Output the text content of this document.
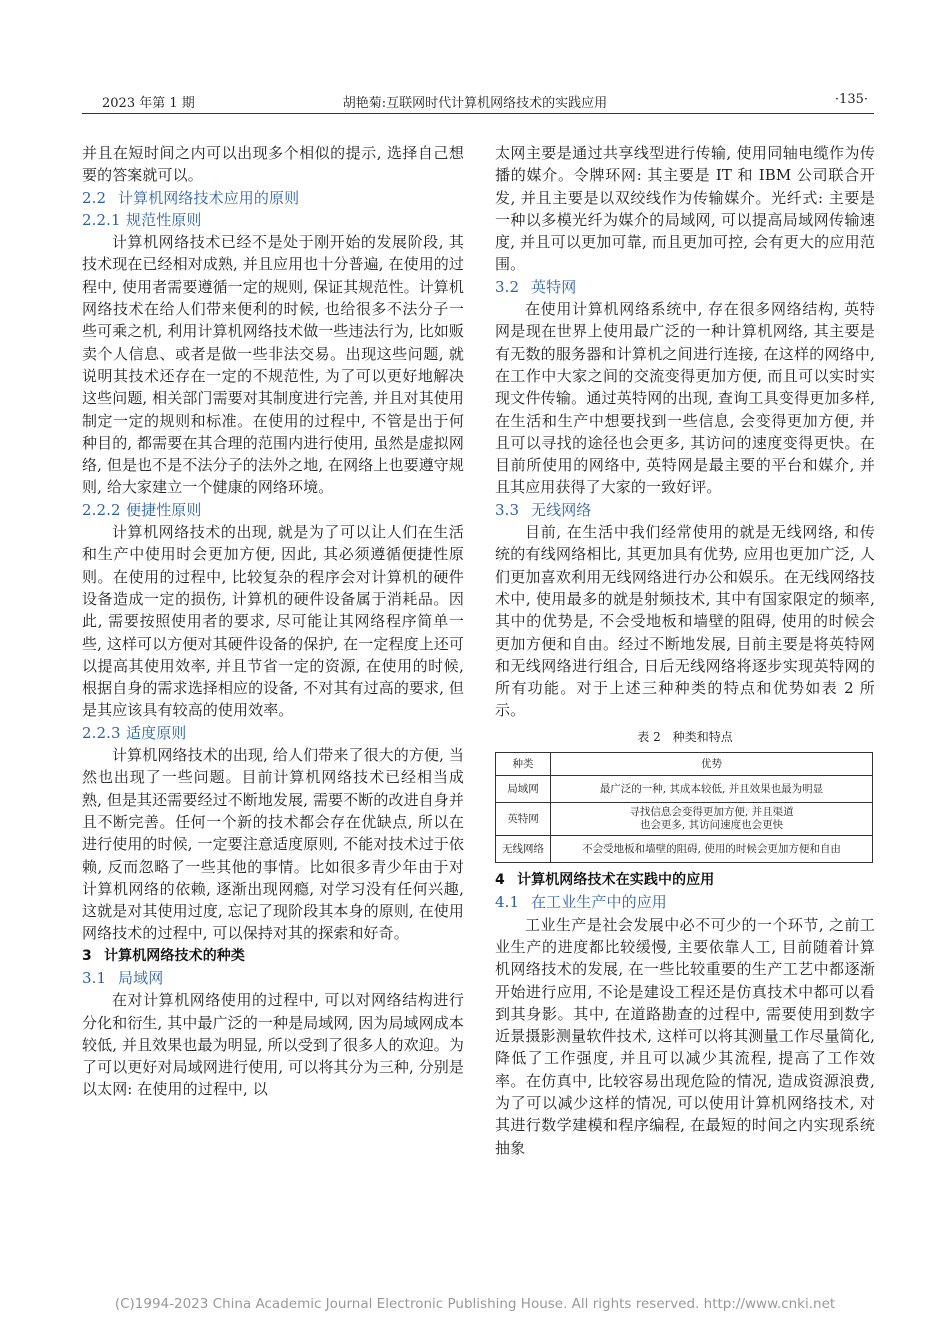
2023 年第 1 期	胡艳菊:互联网时代计算机网络技术的实践应用	·135·

并且在短时间之内可以出现多个相似的提示, 选择自己想要的答案就可以。

2.2 计算机网络技术应用的原则

2.2.1 规范性原则

计算机网络技术已经不是处于刚开始的发展阶段, 其技术现在已经相对成熟, 并且应用也十分普遍, 在使用的过程中, 使用者需要遵循一定的规则, 保证其规范性。计算机网络技术在给人们带来便利的时候, 也给很多不法分子一些可乘之机, 利用计算机网络技术做一些违法行为, 比如贩卖个人信息、或者是做一些非法交易。出现这些问题, 就说明其技术还存在一定的不规范性, 为了可以更好地解决这些问题, 相关部门需要对其制度进行完善, 并且对其使用制定一定的规则和标准。在使用的过程中, 不管是出于何种目的, 都需要在其合理的范围内进行使用, 虽然是虚拟网络, 但是也不是不法分子的法外之地, 在网络上也要遵守规则, 给大家建立一个健康的网络环境。

2.2.2 便捷性原则

计算机网络技术的出现, 就是为了可以让人们在生活和生产中使用时会更加方便, 因此, 其必须遵循便捷性原则。在使用的过程中, 比较复杂的程序会对计算机的硬件设备造成一定的损伤, 计算机的硬件设备属于消耗品。因此, 需要按照使用者的要求, 尽可能让其网络程序简单一些, 这样可以方便对其硬件设备的保护, 在一定程度上还可以提高其使用效率, 并且节省一定的资源, 在使用的时候, 根据自身的需求选择相应的设备, 不对其有过高的要求, 但是其应该具有较高的使用效率。

2.2.3 适度原则

计算机网络技术的出现, 给人们带来了很大的方便, 当然也出现了一些问题。目前计算机网络技术已经相当成熟, 但是其还需要经过不断地发展, 需要不断的改进自身并且不断完善。任何一个新的技术都会存在优缺点, 所以在进行使用的时候, 一定要注意适度原则, 不能对技术过于依赖, 反而忽略了一些其他的事情。比如很多青少年由于对计算机网络的依赖, 逐渐出现网瘾, 对学习没有任何兴趣, 这就是对其使用过度, 忘记了现阶段其本身的原则, 在使用网络技术的过程中, 可以保持对其的探索和好奇。

3 计算机网络技术的种类

3.1 局域网

在对计算机网络使用的过程中, 可以对网络结构进行分化和衍生, 其中最广泛的一种是局域网, 因为局域网成本较低, 并且效果也最为明显, 所以受到了很多人的欢迎。为了可以更好对局域网进行使用, 可以将其分为三种, 分别是以太网: 在使用的过程中, 以

太网主要是通过共享线型进行传输, 使用同轴电缆作为传播的媒介。令牌环网: 其主要是 IT 和 IBM 公司联合开发, 并且主要是以双绞线作为传输媒介。光纤式: 主要是一种以多模光纤为媒介的局域网, 可以提高局域网传输速度, 并且可以更加可靠, 而且更加可控, 会有更大的应用范围。

3.2 英特网

在使用计算机网络系统中, 存在很多网络结构, 英特网是现在世界上使用最广泛的一种计算机网络, 其主要是有无数的服务器和计算机之间进行连接, 在这样的网络中, 在工作中大家之间的交流变得更加方便, 而且可以实时实现文件传输。通过英特网的出现, 查询工具变得更加多样, 在生活和生产中想要找到一些信息, 会变得更加方便, 并且可以寻找的途径也会更多, 其访问的速度变得更快。在目前所使用的网络中, 英特网是最主要的平台和媒介, 并且其应用获得了大家的一致好评。

3.3 无线网络

目前, 在生活中我们经常使用的就是无线网络, 和传统的有线网络相比, 其更加具有优势, 应用也更加广泛, 人们更加喜欢利用无线网络进行办公和娱乐。在无线网络技术中, 使用最多的就是射频技术, 其中有国家限定的频率, 其中的优势是, 不会受地板和墙壁的阻碍, 使用的时候会更加方便和自由。经过不断地发展, 目前主要是将英特网和无线网络进行组合, 日后无线网络将逐步实现英特网的所有功能。对于上述三种种类的特点和优势如表 2 所示。

表 2　种类和特点
种类	优势
局域网	最广泛的一种, 其成本较低, 并且效果也最为明显
英特网	寻找信息会变得更加方便, 并且渠道
也会更多, 其访问速度也会更快
无线网络	不会受地板和墙壁的阻碍, 使用的时候会更加方便和自由

4 计算机网络技术在实践中的应用

4.1 在工业生产中的应用

工业生产是社会发展中必不可少的一个环节, 之前工业生产的进度都比较缓慢, 主要依靠人工, 目前随着计算机网络技术的发展, 在一些比较重要的生产工艺中都逐渐开始进行应用, 不论是建设工程还是仿真技术中都可以看到其身影。其中, 在道路勘查的过程中, 需要使用到数字近景摄影测量软件技术, 这样可以将其测量工作尽量简化, 降低了工作强度, 并且可以减少其流程, 提高了工作效率。在仿真中, 比较容易出现危险的情况, 造成资源浪费, 为了可以减少这样的情况, 可以使用计算机网络技术, 对其进行数学建模和程序编程, 在最短的时间之内实现系统抽象

(C)1994-2023 China Academic Journal Electronic Publishing House. All rights reserved. http://www.cnki.net
